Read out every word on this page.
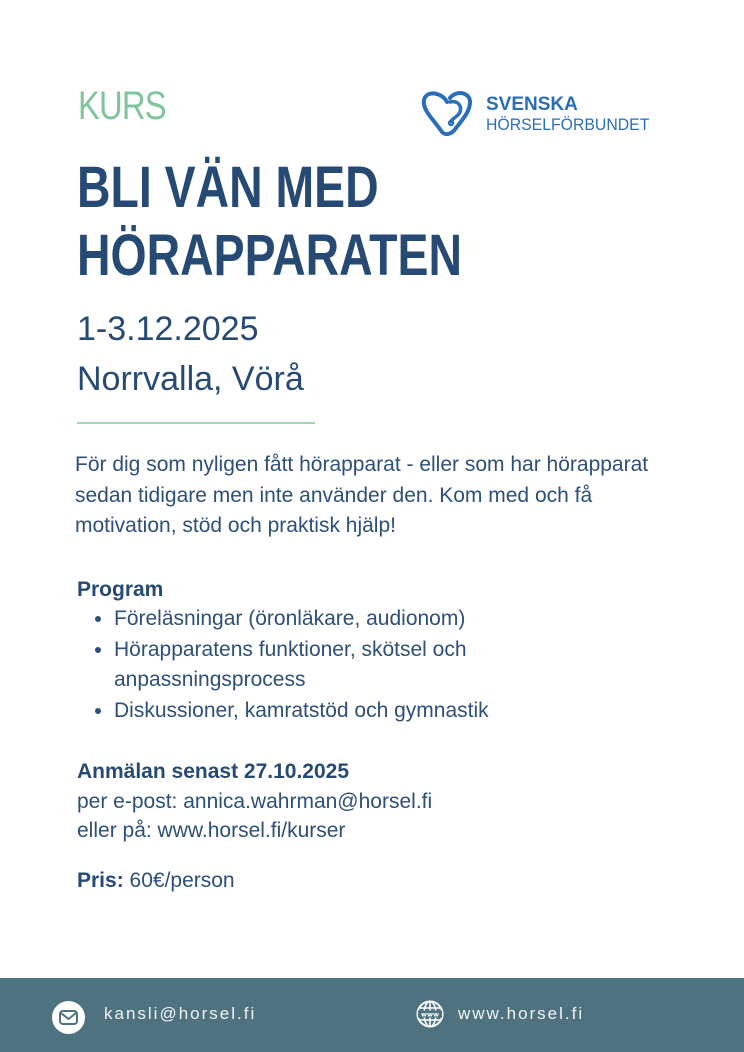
KURS	SVENSKA
HÖRSELFÖRBUNDET
BLI VÄN MED
HÖRAPPARATEN
1-3.12.2025
Norrvalla, Vörå
För dig som nyligen fått hörapparat - eller som har hörapparat sedan tidigare men inte använder den. Kom med och få motivation, stöd och praktisk hjälp!
Program
• Föreläsningar (öronläkare, audionom)
• Hörapparatens funktioner, skötsel och anpassningsprocess
• Diskussioner, kamratstöd och gymnastik
Anmälan senast 27.10.2025
per e-post: annica.wahrman@horsel.fi
eller på: www.horsel.fi/kurser
Pris: 60€/person
kansli@horsel.fi	www www.horsel.fi
